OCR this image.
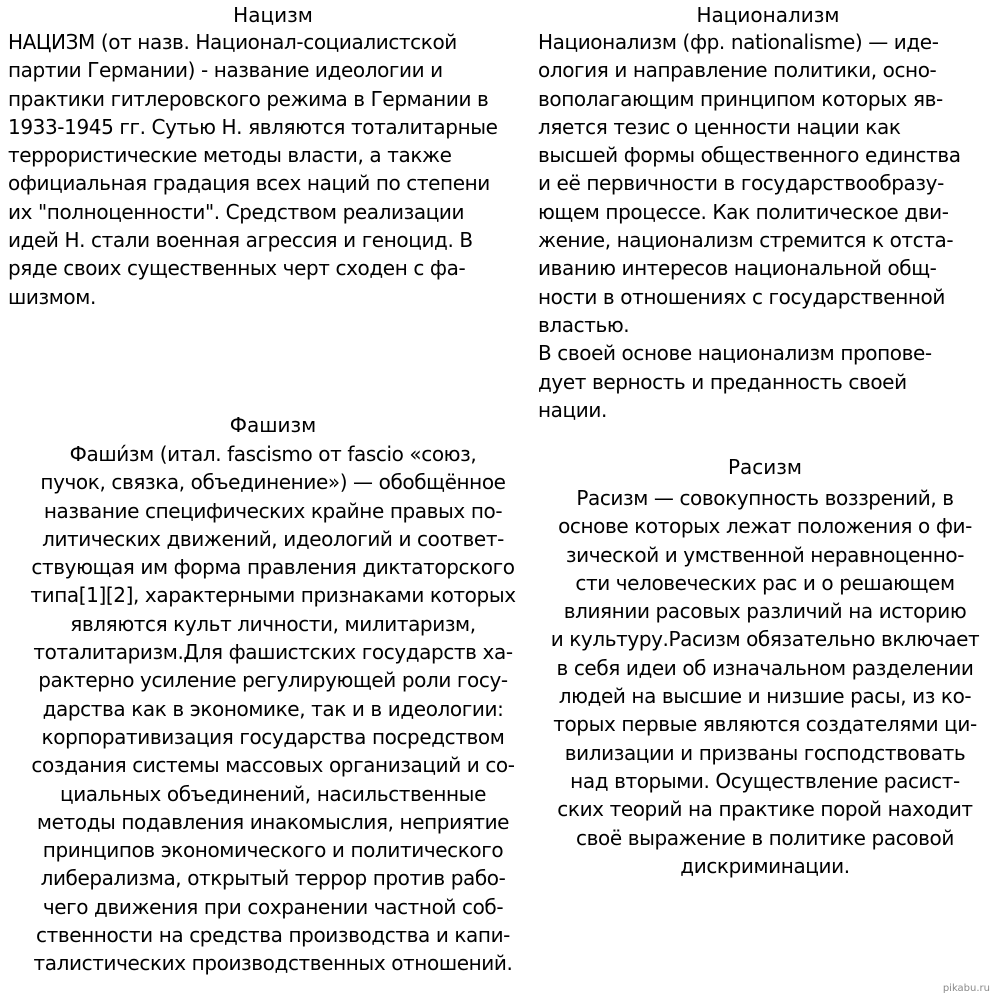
Нацизм
НАЦИЗМ (от назв. Национал-социалистской
партии Германии) - название идеологии и
практики гитлеровского режима в Германии в
1933-1945 гг. Сутью Н. являются тоталитарные
террористические методы власти, а также
официальная градация всех наций по степени
их "полноценности". Средством реализации
идей Н. стали военная агрессия и геноцид. В
ряде своих существенных черт сходен с фа-
шизмом.
Национализм
Национализм (фр. nationalisme) — иде-
ология и направление политики, осно-
вополагающим принципом которых яв-
ляется тезис о ценности нации как
высшей формы общественного единства
и её первичности в государствообразу-
ющем процессе. Как политическое дви-
жение, национализм стремится к отста-
иванию интересов национальной общ-
ности в отношениях с государственной
властью.
В своей основе национализм пропове-
дует верность и преданность своей
нации.
Фашизм
Фаши́зм (итал. fascismo от fascio «союз,
пучок, связка, объединение») — обобщённое
название специфических крайне правых по-
литических движений, идеологий и соответ-
ствующая им форма правления диктаторского
типа[1][2], характерными признаками которых
являются культ личности, милитаризм,
тоталитаризм.Для фашистских государств ха-
рактерно усиление регулирующей роли госу-
дарства как в экономике, так и в идеологии:
корпоративизация государства посредством
создания системы массовых организаций и со-
циальных объединений, насильственные
методы подавления инакомыслия, неприятие
принципов экономического и политического
либерализма, открытый террор против рабо-
чего движения при сохранении частной соб-
ственности на средства производства и капи-
талистических производственных отношений.
Расизм
Расизм — совокупность воззрений, в
основе которых лежат положения о фи-
зической и умственной неравноценно-
сти человеческих рас и о решающем
влиянии расовых различий на историю
и культуру.Расизм обязательно включает
в себя идеи об изначальном разделении
людей на высшие и низшие расы, из ко-
торых первые являются создателями ци-
вилизации и призваны господствовать
над вторыми. Осуществление расист-
ских теорий на практике порой находит
своё выражение в политике расовой
дискриминации.
pikabu.ru
